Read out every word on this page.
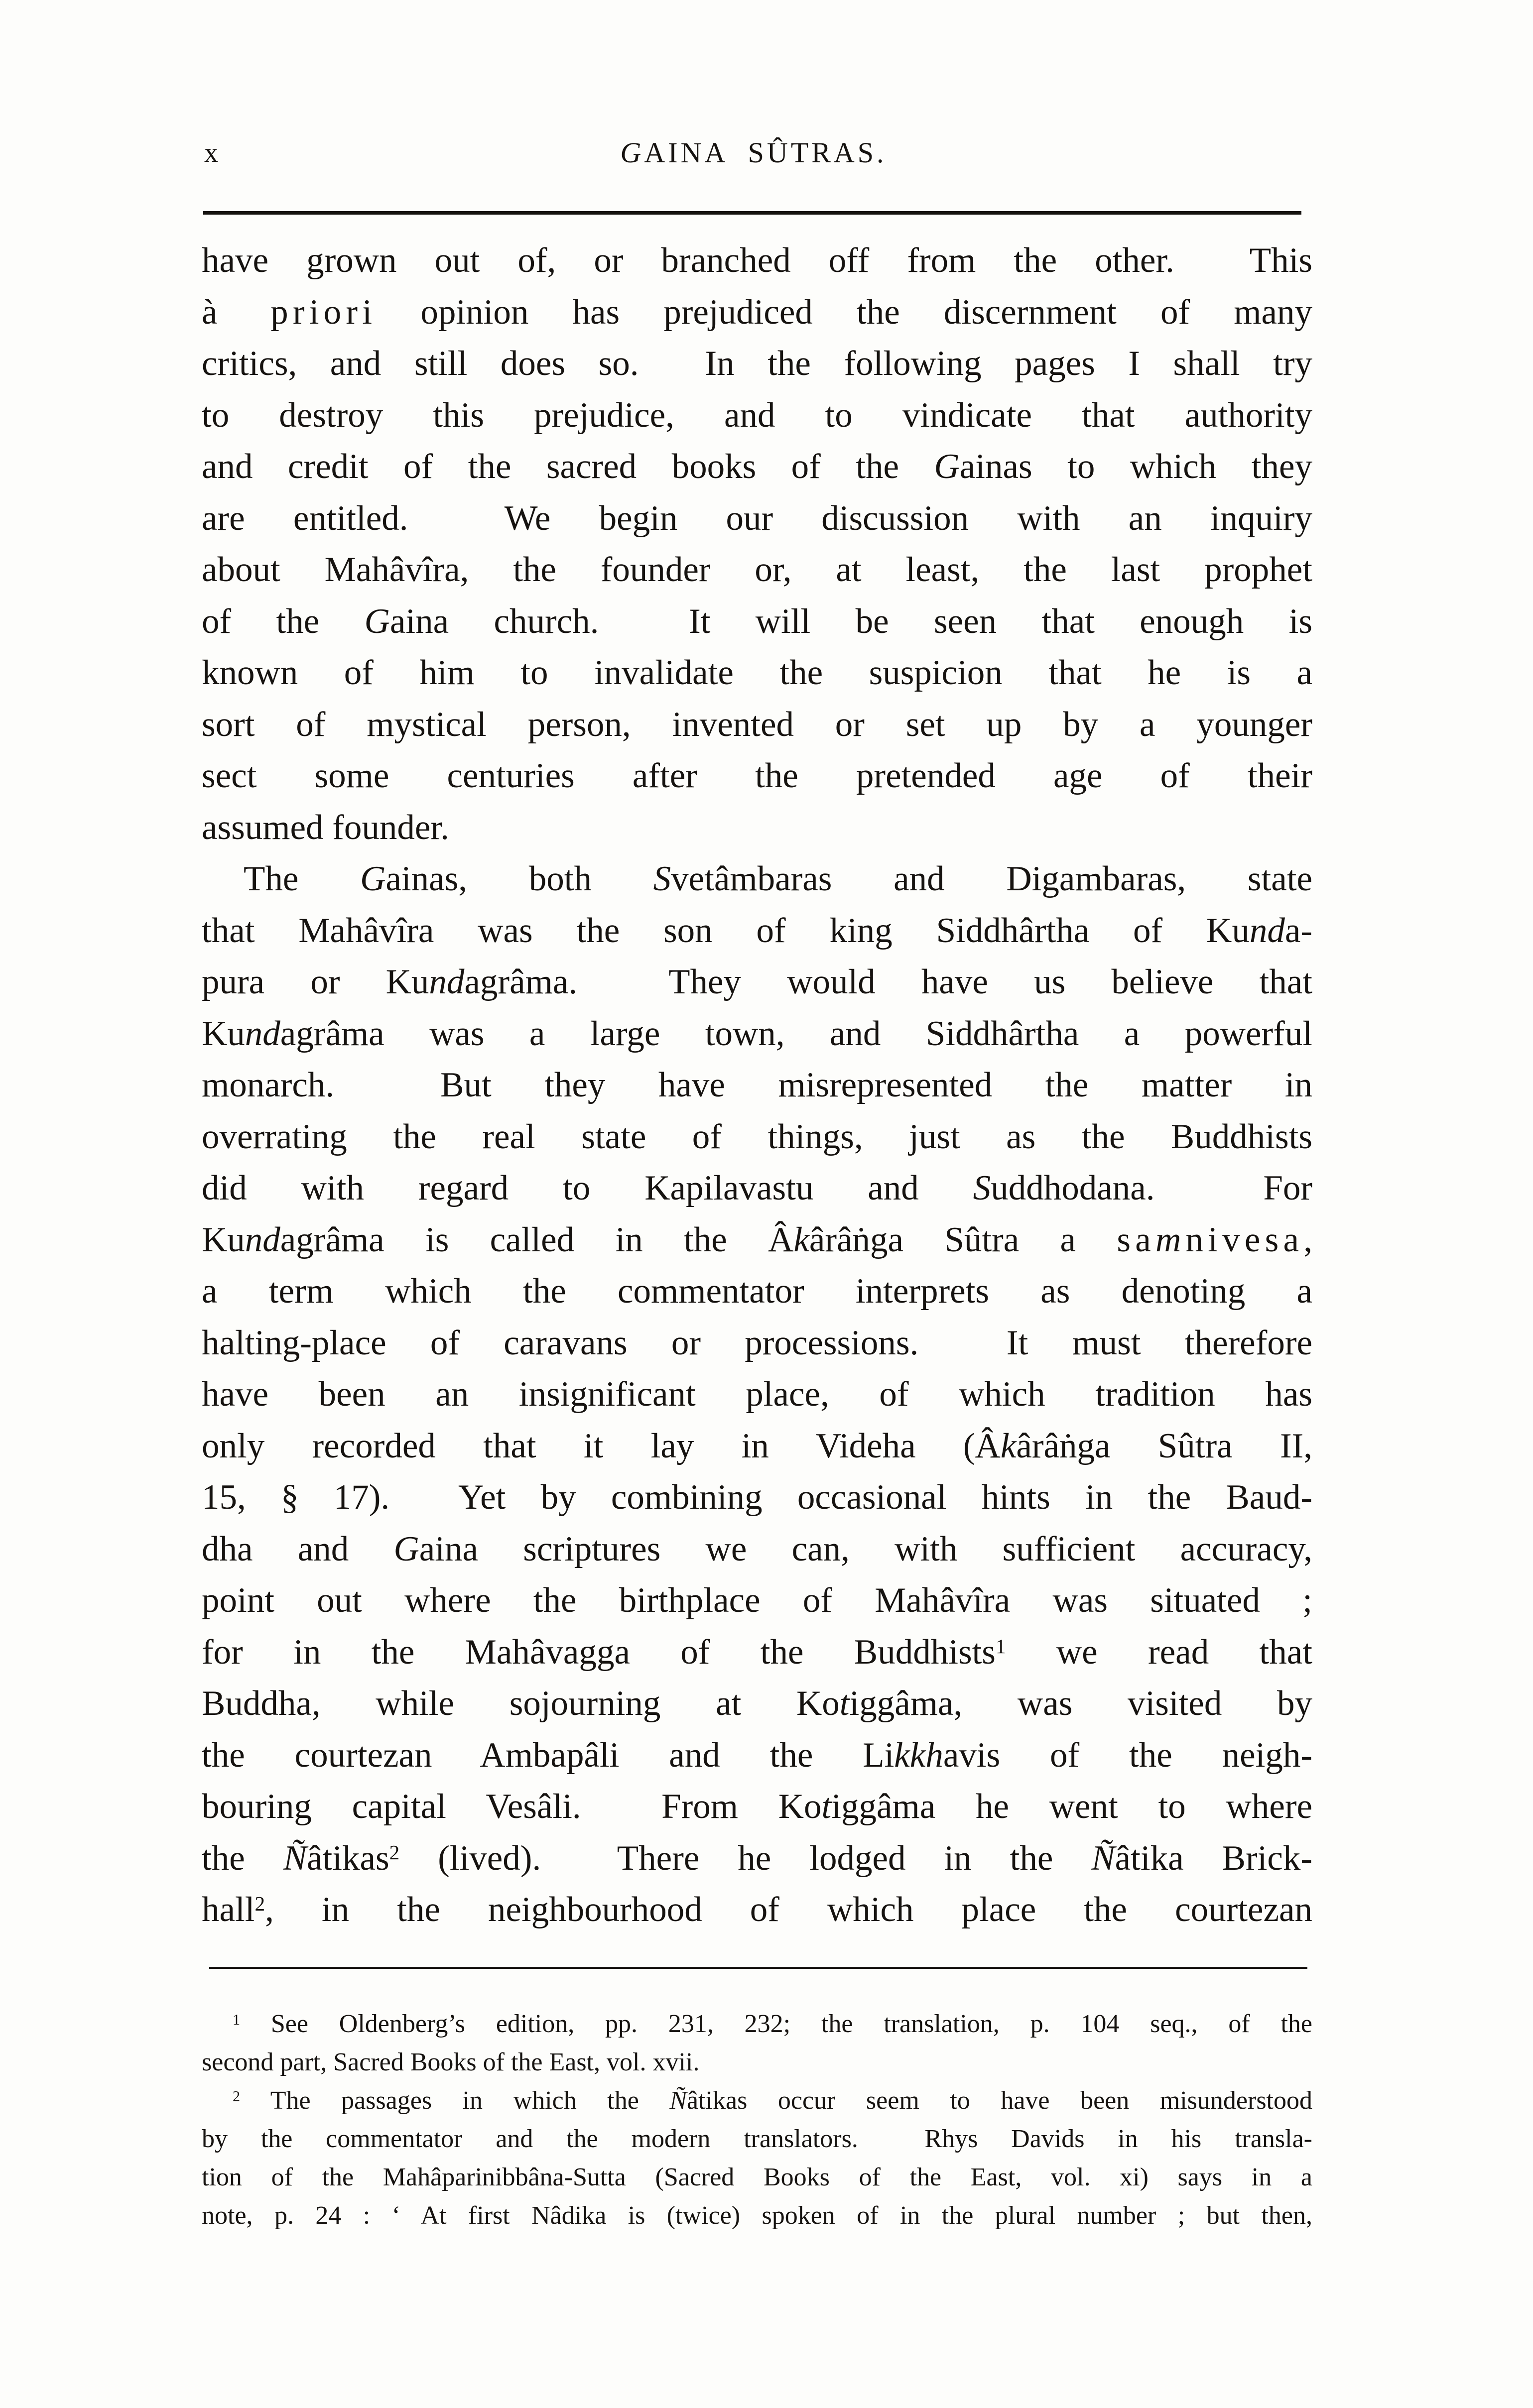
x	GAINA SÛTRAS.
have grown out of, or branched off from the other.  This
à priori opinion has prejudiced the discernment of many
critics, and still does so.  In the following pages I shall try
to destroy this prejudice, and to vindicate that authority
and credit of the sacred books of the Gainas to which they
are entitled.  We begin our discussion with an inquiry
about Mahâvîra, the founder or, at least, the last prophet
of the Gaina church.  It will be seen that enough is
known of him to invalidate the suspicion that he is a
sort of mystical person, invented or set up by a younger
sect some centuries after the pretended age of their
assumed founder.
The Gainas, both Svetâmbaras and Digambaras, state
that Mahâvîra was the son of king Siddhârtha of Kunda-
pura or Kundagrâma.  They would have us believe that
Kundagrâma was a large town, and Siddhârtha a powerful
monarch.  But they have misrepresented the matter in
overrating the real state of things, just as the Buddhists
did with regard to Kapilavastu and Suddhodana.  For
Kundagrâma is called in the Âkârâṅga Sûtra a samnivesa,
a term which the commentator interprets as denoting a
halting-place of caravans or processions.  It must therefore
have been an insignificant place, of which tradition has
only recorded that it lay in Videha (Âkârâṅga Sûtra II,
15, § 17).  Yet by combining occasional hints in the Baud-
dha and Gaina scriptures we can, with sufficient accuracy,
point out where the birthplace of Mahâvîra was situated ;
for in the Mahâvagga of the Buddhists$^1$ we read that
Buddha, while sojourning at Kotiggâma, was visited by
the courtezan Ambapâli and the Likkhavis of the neigh-
bouring capital Vesâli.  From Kotiggâma he went to where
the Ñâtikas$^2$ (lived).  There he lodged in the Ñâtika Brick-
hall$^2$, in the neighbourhood of which place the courtezan
$^1$ See Oldenberg’s edition, pp. 231, 232; the translation, p. 104 seq., of the
second part, Sacred Books of the East, vol. xvii.
$^2$ The passages in which the Ñâtikas occur seem to have been misunderstood
by the commentator and the modern translators.  Rhys Davids in his transla-
tion of the Mahâparinibbâna-Sutta (Sacred Books of the East, vol. xi) says in a
note, p. 24 : ‘ At first Nâdika is (twice) spoken of in the plural number ; but then,
